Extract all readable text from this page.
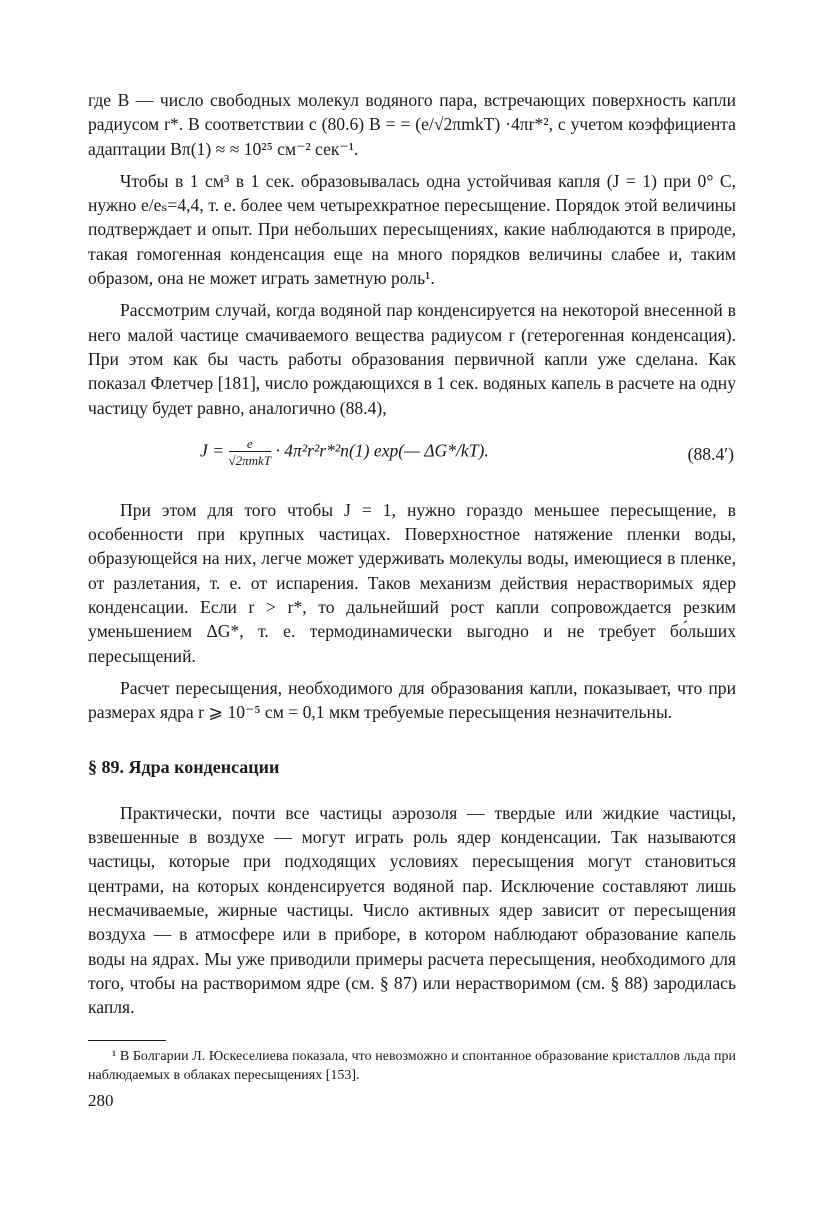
где B — число свободных молекул водяного пара, встречающих поверхность капли радиусом r*. В соответствии с (80.6) B = = (e/√2πmkT) ·4πr*², с учетом коэффициента адаптации Bπ(1) ≈ ≈ 10²⁵ см⁻² сек⁻¹.

Чтобы в 1 см³ в 1 сек. образовывалась одна устойчивая капля (J = 1) при 0° C, нужно e/eₛ=4,4, т. е. более чем четырехкратное пересыщение. Порядок этой величины подтверждает и опыт. При небольших пересыщениях, какие наблюдаются в природе, такая гомогенная конденсация еще на много порядков величины слабее и, таким образом, она не может играть заметную роль¹.

Рассмотрим случай, когда водяной пар конденсируется на некоторой внесенной в него малой частице смачиваемого вещества радиусом r (гетерогенная конденсация). При этом как бы часть работы образования первичной капли уже сделана. Как показал Флетчер [181], число рождающихся в 1 сек. водяных капель в расчете на одну частицу будет равно, аналогично (88.4),

$J = \frac{e}{\text{√2πmkT}} \cdot 4\pi^2r^2r*^2n(1)$ exp(— ΔG*/kT).	(88.4′)

При этом для того чтобы J = 1, нужно гораздо меньшее пересыщение, в особенности при крупных частицах. Поверхностное натяжение пленки воды, образующейся на них, легче может удерживать молекулы воды, имеющиеся в пленке, от разлетания, т. е. от испарения. Таков механизм действия нерастворимых ядер конденсации. Если r > r*, то дальнейший рост капли сопровождается резким уменьшением ΔG*, т. е. термодинамически выгодно и не требует бо́льших пересыщений.

Расчет пересыщения, необходимого для образования капли, показывает, что при размерах ядра r ⩾ 10⁻⁵ см = 0,1 мкм требуемые пересыщения незначительны.

§ 89. Ядра конденсации

Практически, почти все частицы аэрозоля — твердые или жидкие частицы, взвешенные в воздухе — могут играть роль ядер конденсации. Так называются частицы, которые при подходящих условиях пересыщения могут становиться центрами, на которых конденсируется водяной пар. Исключение составляют лишь несмачиваемые, жирные частицы. Число активных ядер зависит от пересыщения воздуха — в атмосфере или в приборе, в котором наблюдают образование капель воды на ядрах. Мы уже приводили примеры расчета пересыщения, необходимого для того, чтобы на растворимом ядре (см. § 87) или нерастворимом (см. § 88) зародилась капля.

¹ В Болгарии Л. Юскеселиева показала, что невозможно и спонтанное образование кристаллов льда при наблюдаемых в облаках пересыщениях [153].

280
